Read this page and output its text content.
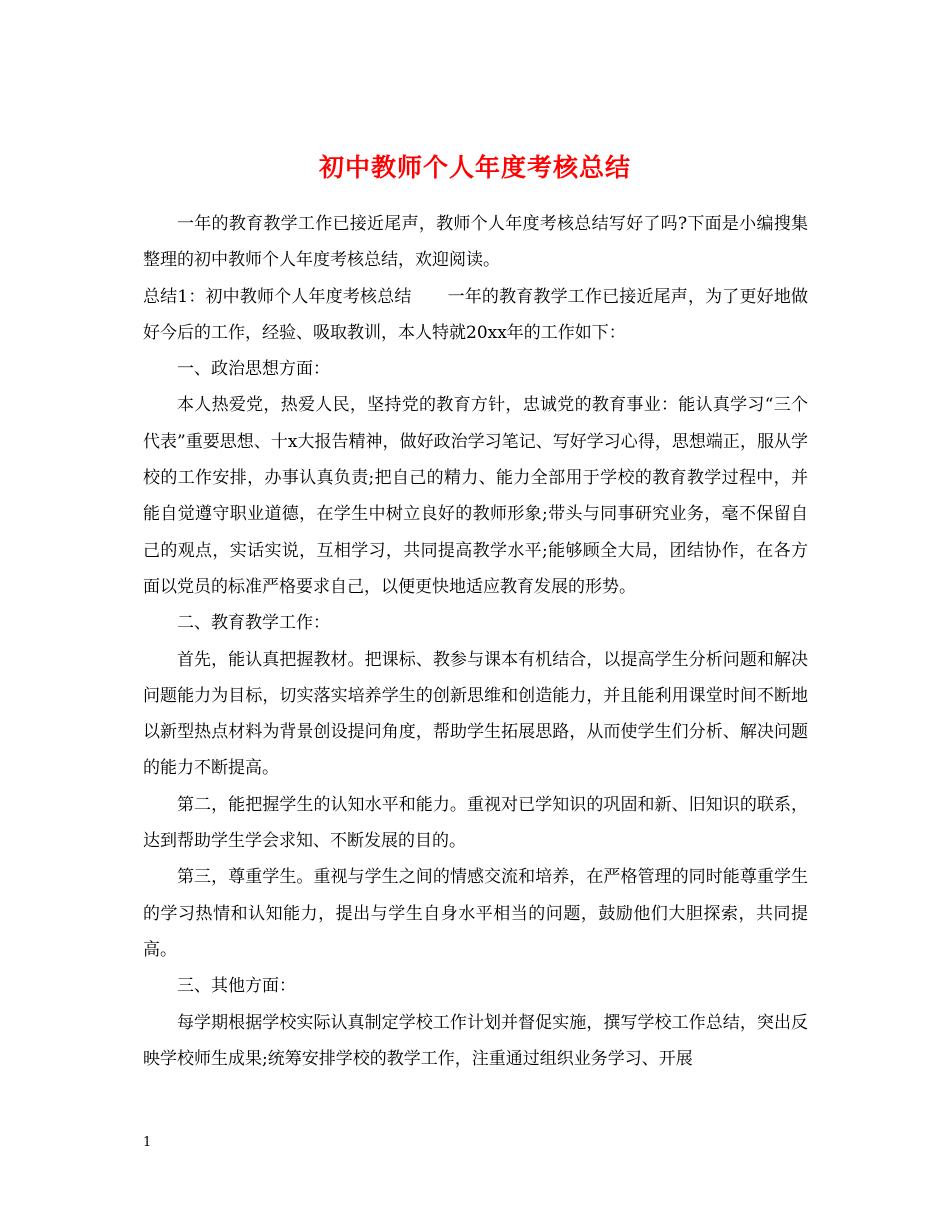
初中教师个人年度考核总结

一年的教育教学工作已接近尾声，教师个人年度考核总结写好了吗?下面是小编搜集整理的初中教师个人年度考核总结，欢迎阅读。

总结1：初中教师个人年度考核总结 一年的教育教学工作已接近尾声，为了更好地做好今后的工作，经验、吸取教训，本人特就20xx年的工作如下：

一、政治思想方面：

本人热爱党，热爱人民，坚持党的教育方针，忠诚党的教育事业：能认真学习“三个代表”重要思想、十x大报告精神，做好政治学习笔记、写好学习心得，思想端正，服从学校的工作安排，办事认真负责;把自己的精力、能力全部用于学校的教育教学过程中，并能自觉遵守职业道德，在学生中树立良好的教师形象;带头与同事研究业务，毫不保留自己的观点，实话实说，互相学习，共同提高教学水平;能够顾全大局，团结协作，在各方面以党员的标准严格要求自己，以便更快地适应教育发展的形势。

二、教育教学工作：

首先，能认真把握教材。把课标、教参与课本有机结合，以提高学生分析问题和解决问题能力为目标，切实落实培养学生的创新思维和创造能力，并且能利用课堂时间不断地以新型热点材料为背景创设提问角度，帮助学生拓展思路，从而使学生们分析、解决问题的能力不断提高。

第二，能把握学生的认知水平和能力。重视对已学知识的巩固和新、旧知识的联系，达到帮助学生学会求知、不断发展的目的。

第三，尊重学生。重视与学生之间的情感交流和培养，在严格管理的同时能尊重学生的学习热情和认知能力，提出与学生自身水平相当的问题，鼓励他们大胆探索，共同提高。

三、其他方面：

每学期根据学校实际认真制定学校工作计划并督促实施，撰写学校工作总结，突出反映学校师生成果;统筹安排学校的教学工作，注重通过组织业务学习、开展

1
